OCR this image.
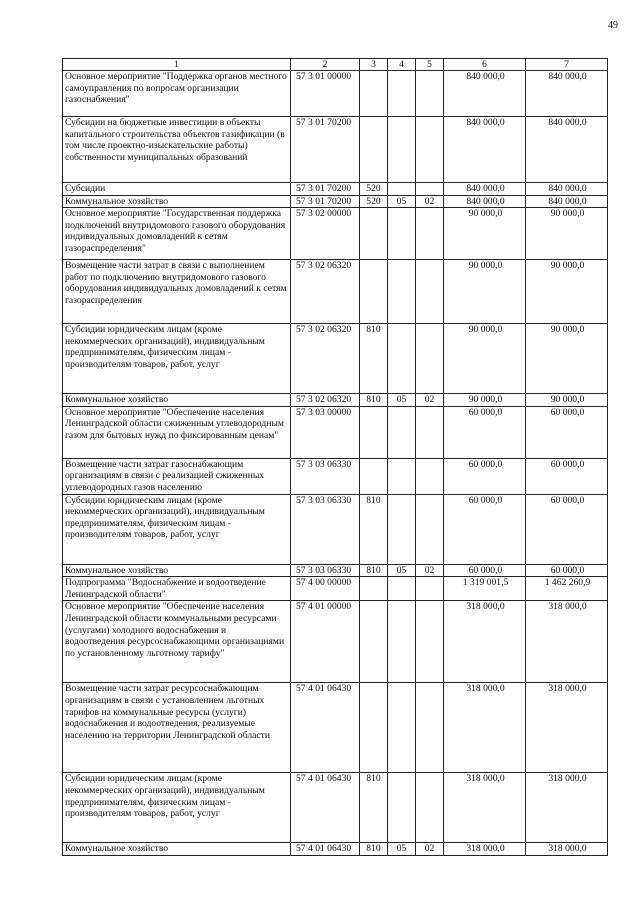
49
1	2	3	4	5	6	7
Основное мероприятие "Поддержка органов местного самоуправления по вопросам организации газоснабжения"	57 3 01 00000				840 000,0	840 000,0
Субсидии на бюджетные инвестиции в объекты капитального строительства объектов газификации (в том числе проектно-изыскательские работы) собственности муниципальных образований	57 3 01 70200				840 000,0	840 000,0
Субсидии	57 3 01 70200	520			840 000,0	840 000,0
Коммунальное хозяйство	57 3 01 70200	520	05	02	840 000,0	840 000,0
Основное мероприятие "Государственная поддержка подключений внутридомового газового оборудования индивидуальных домовладений к сетям газораспределения"	57 3 02 00000				90 000,0	90 000,0
Возмещение части затрат в связи с выполнением работ по подключению внутридомового газового оборудования индивидуальных домовладений к сетям газораспределения	57 3 02 06320				90 000,0	90 000,0
Субсидии юридическим лицам (кроме некоммерческих организаций), индивидуальным предпринимателям, физическим лицам - производителям товаров, работ, услуг	57 3 02 06320	810			90 000,0	90 000,0
Коммунальное хозяйство	57 3 02 06320	810	05	02	90 000,0	90 000,0
Основное мероприятие "Обеспечение населения Ленинградской области сжиженным углеводородным газом для бытовых нужд по фиксированным ценам"	57 3 03 00000				60 000,0	60 000,0
Возмещение части затрат газоснабжающим организациям в связи с реализацией сжиженных углеводородных газов населению	57 3 03 06330				60 000,0	60 000,0
Субсидии юридическим лицам (кроме некоммерческих организаций), индивидуальным предпринимателям, физическим лицам - производителям товаров, работ, услуг	57 3 03 06330	810			60 000,0	60 000,0
Коммунальное хозяйство	57 3 03 06330	810	05	02	60 000,0	60 000,0
Подпрограмма "Водоснабжение и водоотведение Ленинградской области"	57 4 00 00000				1 319 001,5	1 462 260,9
Основное мероприятие "Обеспечение населения Ленинградской области коммунальными ресурсами (услугами) холодного водоснабжения и водоотведения ресурсоснабжающими организациями по установленному льготному тарифу"	57 4 01 00000				318 000,0	318 000,0
Возмещение части затрат ресурсоснабжающим организациям в связи с установлением льготных тарифов на коммунальные ресурсы (услуги) водоснабжения и водоотведения, реализуемые населению на территории Ленинградской области	57 4 01 06430				318 000,0	318 000,0
Субсидии юридическим лицам (кроме некоммерческих организаций), индивидуальным предпринимателям, физическим лицам - производителям товаров, работ, услуг	57 4 01 06430	810			318 000,0	318 000,0
Коммунальное хозяйство	57 4 01 06430	810	05	02	318 000,0	318 000,0
